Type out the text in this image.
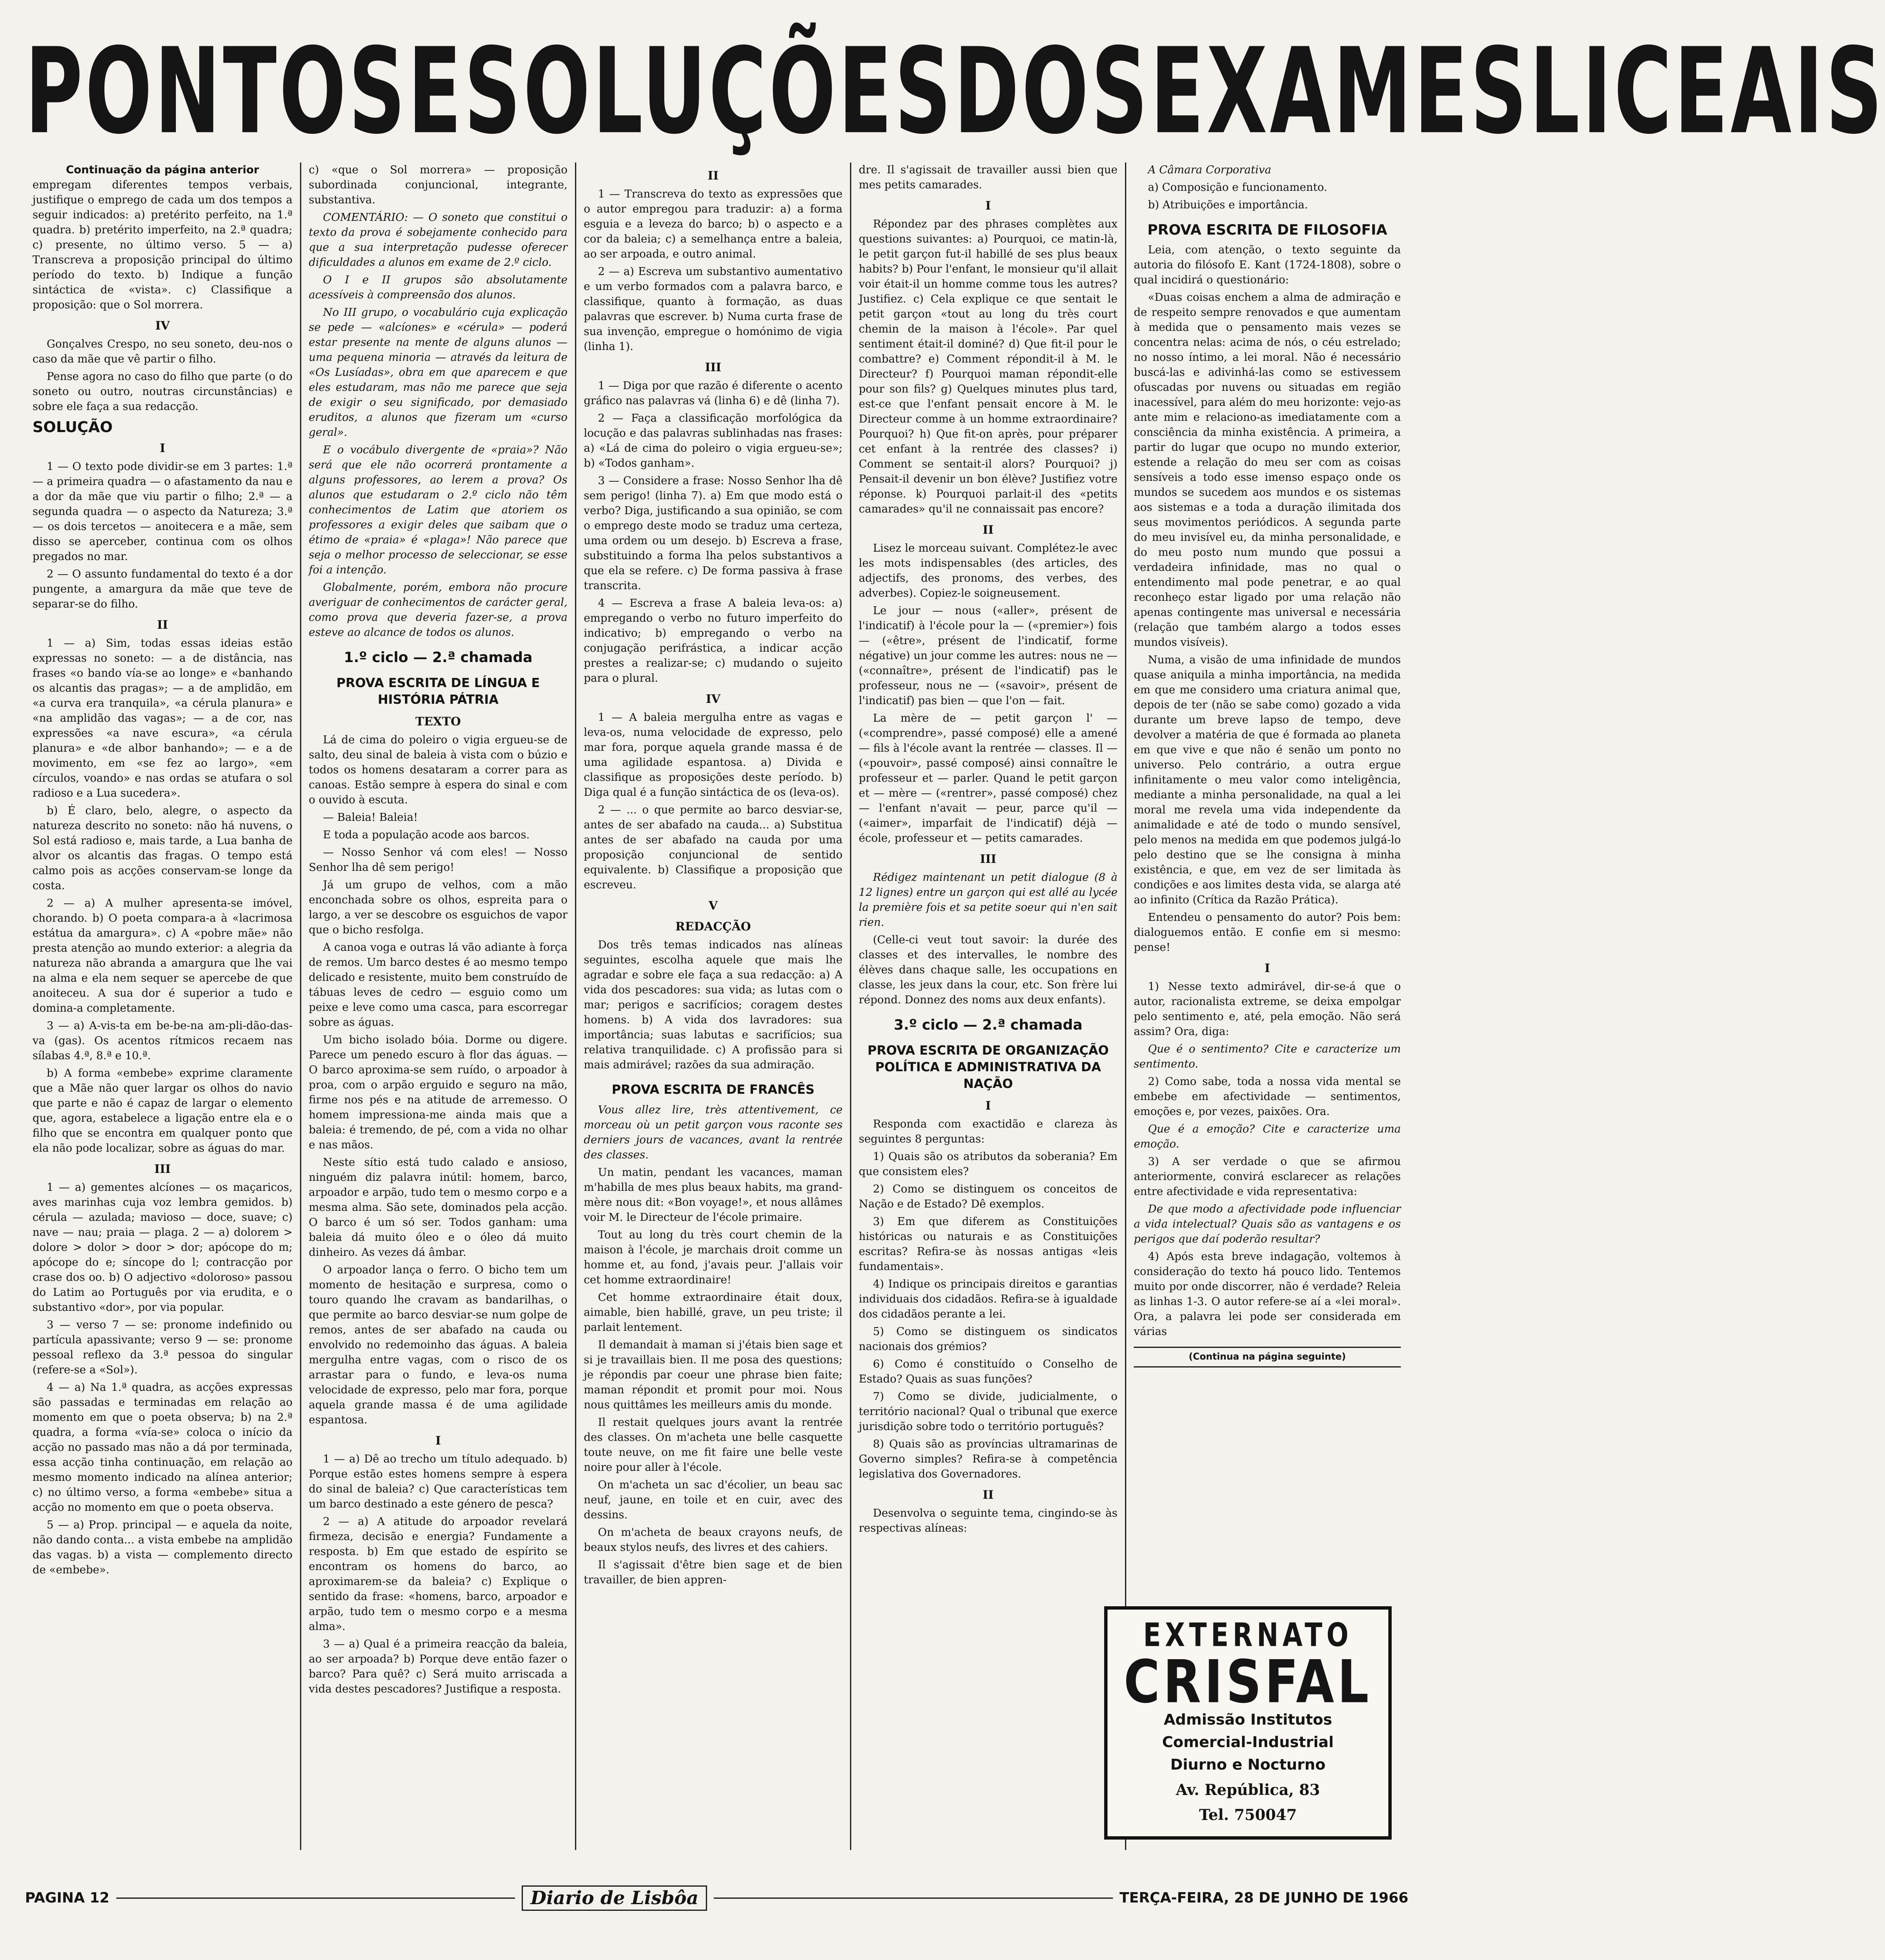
PONTOS E SOLUÇÕES DOS EXAMES LICEAIS
Continuação da página anterior

empregam diferentes tempos verbais, justifique o emprego de cada um dos tempos a seguir indicados: a) pretérito perfeito, na 1.ª quadra. b) pretérito imperfeito, na 2.ª quadra; c) presente, no último verso. 5 — a) Transcreva a proposição principal do último período do texto. b) Indique a função sintáctica de «vista». c) Classifique a proposição: que o Sol morrera.

IV

Gonçalves Crespo, no seu soneto, deu-nos o caso da mãe que vê partir o filho.

Pense agora no caso do filho que parte (o do soneto ou outro, noutras circunstâncias) e sobre ele faça a sua redacção.

SOLUÇÃO
I

1 — O texto pode dividir-se em 3 partes: 1.ª — a primeira quadra — o afastamento da nau e a dor da mãe que viu partir o filho; 2.ª — a segunda quadra — o aspecto da Natureza; 3.ª — os dois tercetos — anoitecera e a mãe, sem disso se aperceber, continua com os olhos pregados no mar.

2 — O assunto fundamental do texto é a dor pungente, a amargura da mãe que teve de separar-se do filho.

II

1 — a) Sim, todas essas ideias estão expressas no soneto: — a de distância, nas frases «o bando vía-se ao longe» e «banhando os alcantis das pragas»; — a de amplidão, em «a curva era tranquila», «a cérula planura» e «na amplidão das vagas»; — a de cor, nas expressões «a nave escura», «a cérula planura» e «de albor banhando»; — e a de movimento, em «se fez ao largo», «em círculos, voando» e nas ordas se atufara o sol radioso e a Lua sucedera».

b) É claro, belo, alegre, o aspecto da natureza descrito no soneto: não há nuvens, o Sol está radioso e, mais tarde, a Lua banha de alvor os alcantis das fragas. O tempo está calmo pois as acções conservam-se longe da costa.

2 — a) A mulher apresenta-se imóvel, chorando. b) O poeta compara-a à «lacrimosa estátua da amargura». c) A «pobre mãe» não presta atenção ao mundo exterior: a alegria da natureza não abranda a amargura que lhe vai na alma e ela nem sequer se apercebe de que anoiteceu. A sua dor é superior a tudo e domina-a completamente.

3 — a) A-vis-ta em be-be-na am-pli-dão-das-va (gas). Os acentos rítmicos recaem nas sílabas 4.ª, 8.ª e 10.ª.

b) A forma «embebe» exprime claramente que a Mãe não quer largar os olhos do navio que parte e não é capaz de largar o elemento que, agora, estabelece a ligação entre ela e o filho que se encontra em qualquer ponto que ela não pode localizar, sobre as águas do mar.

III

1 — a) gementes alcíones — os maçaricos, aves marinhas cuja voz lembra gemidos. b) cérula — azulada; mavioso — doce, suave; c) nave — nau; praia — plaga. 2 — a) dolorem > dolore > dolor > door > dor; apócope do m; apócope do e; síncope do l; contracção por crase dos oo. b) O adjectivo «doloroso» passou do Latim ao Português por via erudita, e o substantivo «dor», por via popular.

3 — verso 7 — se: pronome indefinido ou partícula apassivante; verso 9 — se: pronome pessoal reflexo da 3.ª pessoa do singular (refere-se a «Sol»).

4 — a) Na 1.ª quadra, as acções expressas são passadas e terminadas em relação ao momento em que o poeta observa; b) na 2.ª quadra, a forma «vía-se» coloca o início da acção no passado mas não a dá por terminada, essa acção tinha continuação, em relação ao mesmo momento indicado na alínea anterior; c) no último verso, a forma «embebe» situa a acção no momento em que o poeta observa.

5 — a) Prop. principal — e aquela da noite, não dando conta... a vista embebe na amplidão das vagas. b) a vista — complemento directo de «embebe».

c) «que o Sol morrera» — proposição subordinada conjuncional, integrante, substantiva.

COMENTÁRIO: — O soneto que constitui o texto da prova é sobejamente conhecido para que a sua interpretação pudesse oferecer dificuldades a alunos em exame de 2.º ciclo.

O I e II grupos são absolutamente acessíveis à compreensão dos alunos.

No III grupo, o vocabulário cuja explicação se pede — «alcíones» e «cérula» — poderá estar presente na mente de alguns alunos — uma pequena minoria — através da leitura de «Os Lusíadas», obra em que aparecem e que eles estudaram, mas não me parece que seja de exigir o seu significado, por demasiado eruditos, a alunos que fizeram um «curso geral».

E o vocábulo divergente de «praia»? Não será que ele não ocorrerá prontamente a alguns professores, ao lerem a prova? Os alunos que estudaram o 2.º ciclo não têm conhecimentos de Latim que atoriem os professores a exigir deles que saibam que o étimo de «praia» é «plaga»! Não parece que seja o melhor processo de seleccionar, se esse foi a intenção.

Globalmente, porém, embora não procure averiguar de conhecimentos de carácter geral, como prova que deveria fazer-se, a prova esteve ao alcance de todos os alunos.

1.º ciclo — 2.ª chamada
PROVA ESCRITA DE LÍNGUA E HISTÓRIA PÁTRIA
TEXTO

Lá de cima do poleiro o vigia ergueu-se de salto, deu sinal de baleia à vista com o búzio e todos os homens desataram a correr para as canoas. Estão sempre à espera do sinal e com o ouvido à escuta.

— Baleia! Baleia!

E toda a população acode aos barcos.

— Nosso Senhor vá com eles! — Nosso Senhor lha dê sem perigo!

Já um grupo de velhos, com a mão enconchada sobre os olhos, espreita para o largo, a ver se descobre os esguichos de vapor que o bicho resfolga.

A canoa voga e outras lá vão adiante à força de remos. Um barco destes é ao mesmo tempo delicado e resistente, muito bem construído de tábuas leves de cedro — esguio como um peixe e leve como uma casca, para escorregar sobre as águas.

Um bicho isolado bóia. Dorme ou digere. Parece um penedo escuro à flor das águas. — O barco aproxima-se sem ruído, o arpoador à proa, com o arpão erguido e seguro na mão, firme nos pés e na atitude de arremesso. O homem impressiona-me ainda mais que a baleia: é tremendo, de pé, com a vida no olhar e nas mãos.

Neste sítio está tudo calado e ansioso, ninguém diz palavra inútil: homem, barco, arpoador e arpão, tudo tem o mesmo corpo e a mesma alma. São sete, dominados pela acção. O barco é um só ser. Todos ganham: uma baleia dá muito óleo e o óleo dá muito dinheiro. As vezes dá âmbar.

O arpoador lança o ferro. O bicho tem um momento de hesitação e surpresa, como o touro quando lhe cravam as bandarilhas, o que permite ao barco desviar-se num golpe de remos, antes de ser abafado na cauda ou envolvido no redemoinho das águas. A baleia mergulha entre vagas, com o risco de os arrastar para o fundo, e leva-os numa velocidade de expresso, pelo mar fora, porque aquela grande massa é de uma agilidade espantosa.

I

1 — a) Dê ao trecho um título adequado. b) Porque estão estes homens sempre à espera do sinal de baleia? c) Que características tem um barco destinado a este género de pesca?

2 — a) A atitude do arpoador revelará firmeza, decisão e energia? Fundamente a resposta. b) Em que estado de espírito se encontram os homens do barco, ao aproximarem-se da baleia? c) Explique o sentido da frase: «homens, barco, arpoador e arpão, tudo tem o mesmo corpo e a mesma alma».

3 — a) Qual é a primeira reacção da baleia, ao ser arpoada? b) Porque deve então fazer o barco? Para quê? c) Será muito arriscada a vida destes pescadores? Justifique a resposta.

II

1 — Transcreva do texto as expressões que o autor empregou para traduzir: a) a forma esguia e a leveza do barco; b) o aspecto e a cor da baleia; c) a semelhança entre a baleia, ao ser arpoada, e outro animal.

2 — a) Escreva um substantivo aumentativo e um verbo formados com a palavra barco, e classifique, quanto à formação, as duas palavras que escrever. b) Numa curta frase de sua invenção, empregue o homónimo de vigia (linha 1).

III

1 — Diga por que razão é diferente o acento gráfico nas palavras vá (linha 6) e dê (linha 7).

2 — Faça a classificação morfológica da locução e das palavras sublinhadas nas frases: a) «Lá de cima do poleiro o vigia ergueu-se»; b) «Todos ganham».

3 — Considere a frase: Nosso Senhor lha dê sem perigo! (linha 7). a) Em que modo está o verbo? Diga, justificando a sua opinião, se com o emprego deste modo se traduz uma certeza, uma ordem ou um desejo. b) Escreva a frase, substituindo a forma lha pelos substantivos a que ela se refere. c) De forma passiva à frase transcrita.

4 — Escreva a frase A baleia leva-os: a) empregando o verbo no futuro imperfeito do indicativo; b) empregando o verbo na conjugação perifrástica, a indicar acção prestes a realizar-se; c) mudando o sujeito para o plural.

IV

1 — A baleia mergulha entre as vagas e leva-os, numa velocidade de expresso, pelo mar fora, porque aquela grande massa é de uma agilidade espantosa. a) Divida e classifique as proposições deste período. b) Diga qual é a função sintáctica de os (leva-os).

2 — ... o que permite ao barco desviar-se, antes de ser abafado na cauda... a) Substitua antes de ser abafado na cauda por uma proposição conjuncional de sentido equivalente. b) Classifique a proposição que escreveu.

V
REDACÇÃO

Dos três temas indicados nas alíneas seguintes, escolha aquele que mais lhe agradar e sobre ele faça a sua redacção: a) A vida dos pescadores: sua vida; as lutas com o mar; perigos e sacrifícios; coragem destes homens. b) A vida dos lavradores: sua importância; suas labutas e sacrifícios; sua relativa tranquilidade. c) A profissão para si mais admirável; razões da sua admiração.

PROVA ESCRITA DE FRANCÊS

Vous allez lire, très attentivement, ce morceau où un petit garçon vous raconte ses derniers jours de vacances, avant la rentrée des classes.

Un matin, pendant les vacances, maman m'habilla de mes plus beaux habits, ma grand-mère nous dit: «Bon voyage!», et nous allâmes voir M. le Directeur de l'école primaire.

Tout au long du très court chemin de la maison à l'école, je marchais droit comme un homme et, au fond, j'avais peur. J'allais voir cet homme extraordinaire!

Cet homme extraordinaire était doux, aimable, bien habillé, grave, un peu triste; il parlait lentement.

Il demandait à maman si j'étais bien sage et si je travaillais bien. Il me posa des questions; je répondis par coeur une phrase bien faite; maman répondit et promit pour moi. Nous nous quittâmes les meilleurs amis du monde.

Il restait quelques jours avant la rentrée des classes. On m'acheta une belle casquette toute neuve, on me fit faire une belle veste noire pour aller à l'école.

On m'acheta un sac d'écolier, un beau sac neuf, jaune, en toile et en cuir, avec des dessins.

On m'acheta de beaux crayons neufs, de beaux stylos neufs, des livres et des cahiers.

Il s'agissait d'être bien sage et de bien travailler, de bien appren-

dre. Il s'agissait de travailler aussi bien que mes petits camarades.

I

Répondez par des phrases complètes aux questions suivantes: a) Pourquoi, ce matin-là, le petit garçon fut-il habillé de ses plus beaux habits? b) Pour l'enfant, le monsieur qu'il allait voir était-il un homme comme tous les autres? Justifiez. c) Cela explique ce que sentait le petit garçon «tout au long du très court chemin de la maison à l'école». Par quel sentiment était-il dominé? d) Que fit-il pour le combattre? e) Comment répondit-il à M. le Directeur? f) Pourquoi maman répondit-elle pour son fils? g) Quelques minutes plus tard, est-ce que l'enfant pensait encore à M. le Directeur comme à un homme extraordinaire? Pourquoi? h) Que fit-on après, pour préparer cet enfant à la rentrée des classes? i) Comment se sentait-il alors? Pourquoi? j) Pensait-il devenir un bon élève? Justifiez votre réponse. k) Pourquoi parlait-il des «petits camarades» qu'il ne connaissait pas encore?

II

Lisez le morceau suivant. Complétez-le avec les mots indispensables (des articles, des adjectifs, des pronoms, des verbes, des adverbes). Copiez-le soigneusement.

Le jour — nous («aller», présent de l'indicatif) à l'école pour la — («premier») fois — («être», présent de l'indicatif, forme négative) un jour comme les autres: nous ne — («connaître», présent de l'indicatif) pas le professeur, nous ne — («savoir», présent de l'indicatif) pas bien — que l'on — fait.

La mère de — petit garçon l' — («comprendre», passé composé) elle a amené — fils à l'école avant la rentrée — classes. Il — («pouvoir», passé composé) ainsi connaître le professeur et — parler. Quand le petit garçon et — mère — («rentrer», passé composé) chez — l'enfant n'avait — peur, parce qu'il — («aimer», imparfait de l'indicatif) déjà — école, professeur et — petits camarades.

III

Rédigez maintenant un petit dialogue (8 à 12 lignes) entre un garçon qui est allé au lycée la première fois et sa petite soeur qui n'en sait rien.

(Celle-ci veut tout savoir: la durée des classes et des intervalles, le nombre des élèves dans chaque salle, les occupations en classe, les jeux dans la cour, etc. Son frère lui répond. Donnez des noms aux deux enfants).

3.º ciclo — 2.ª chamada
PROVA ESCRITA DE ORGANIZAÇÃO POLÍTICA E ADMINISTRATIVA DA NAÇÃO
I

Responda com exactidão e clareza às seguintes 8 perguntas:

1) Quais são os atributos da soberania? Em que consistem eles?

2) Como se distinguem os conceitos de Nação e de Estado? Dê exemplos.

3) Em que diferem as Constituições históricas ou naturais e as Constituições escritas? Refira-se às nossas antigas «leis fundamentais».

4) Indique os principais direitos e garantias individuais dos cidadãos. Refira-se à igualdade dos cidadãos perante a lei.

5) Como se distinguem os sindicatos nacionais dos grémios?

6) Como é constituído o Conselho de Estado? Quais as suas funções?

7) Como se divide, judicialmente, o território nacional? Qual o tribunal que exerce jurisdição sobre todo o território português?

8) Quais são as províncias ultramarinas de Governo simples? Refira-se à competência legislativa dos Governadores.

II

Desenvolva o seguinte tema, cingindo-se às respectivas alíneas:

A Câmara Corporativa

a) Composição e funcionamento.

b) Atribuições e importância.

PROVA ESCRITA DE FILOSOFIA

Leia, com atenção, o texto seguinte da autoria do filósofo E. Kant (1724-1808), sobre o qual incidirá o questionário:

«Duas coisas enchem a alma de admiração e de respeito sempre renovados e que aumentam à medida que o pensamento mais vezes se concentra nelas: acima de nós, o céu estrelado; no nosso íntimo, a lei moral. Não é necessário buscá-las e adivinhá-las como se estivessem ofuscadas por nuvens ou situadas em região inacessível, para além do meu horizonte: vejo-as ante mim e relaciono-as imediatamente com a consciência da minha existência. A primeira, a partir do lugar que ocupo no mundo exterior, estende a relação do meu ser com as coisas sensíveis a todo esse imenso espaço onde os mundos se sucedem aos mundos e os sistemas aos sistemas e a toda a duração ilimitada dos seus movimentos periódicos. A segunda parte do meu invisível eu, da minha personalidade, e do meu posto num mundo que possui a verdadeira infinidade, mas no qual o entendimento mal pode penetrar, e ao qual reconheço estar ligado por uma relação não apenas contingente mas universal e necessária (relação que também alargo a todos esses mundos visíveis).

Numa, a visão de uma infinidade de mundos quase aniquila a minha importância, na medida em que me considero uma criatura animal que, depois de ter (não se sabe como) gozado a vida durante um breve lapso de tempo, deve devolver a matéria de que é formada ao planeta em que vive e que não é senão um ponto no universo. Pelo contrário, a outra ergue infinitamente o meu valor como inteligência, mediante a minha personalidade, na qual a lei moral me revela uma vida independente da animalidade e até de todo o mundo sensível, pelo menos na medida em que podemos julgá-lo pelo destino que se lhe consigna à minha existência, e que, em vez de ser limitada às condições e aos limites desta vida, se alarga até ao infinito (Crítica da Razão Prática).

Entendeu o pensamento do autor? Pois bem: dialoguemos então. E confie em si mesmo: pense!

I

1) Nesse texto admirável, dir-se-á que o autor, racionalista extreme, se deixa empolgar pelo sentimento e, até, pela emoção. Não será assim? Ora, diga:

Que é o sentimento? Cite e caracterize um sentimento.

2) Como sabe, toda a nossa vida mental se embebe em afectividade — sentimentos, emoções e, por vezes, paixões. Ora.

Que é a emoção? Cite e caracterize uma emoção.

3) A ser verdade o que se afirmou anteriormente, convirá esclarecer as relações entre afectividade e vida representativa:

De que modo a afectividade pode influenciar a vida intelectual? Quais são as vantagens e os perigos que daí poderão resultar?

4) Após esta breve indagação, voltemos à consideração do texto há pouco lido. Tentemos muito por onde discorrer, não é verdade? Releia as linhas 1-3. O autor refere-se aí a «lei moral». Ora, a palavra lei pode ser considerada em várias

(Continua na página seguinte)
EXTERNATO
CRISFAL
Admissão Institutos
Comercial-Industrial
Diurno e Nocturno
Av. República, 83
Tel. 750047
PAGINA 12	Diario de Lisbôa	TERÇA-FEIRA, 28 DE JUNHO DE 1966
